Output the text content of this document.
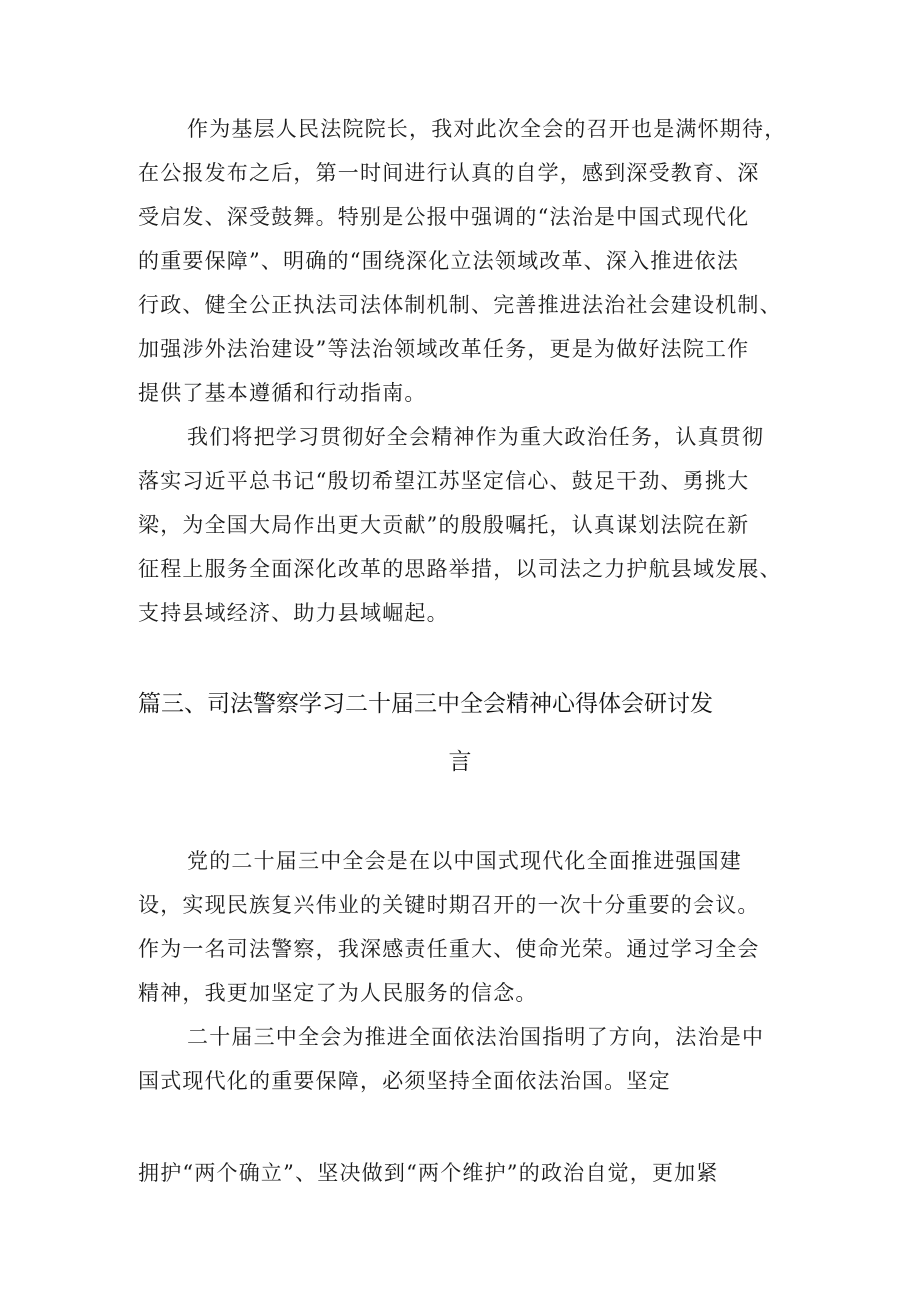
作为基层人民法院院长，我对此次全会的召开也是满怀期待，
在公报发布之后，第一时间进行认真的自学，感到深受教育、深
受启发、深受鼓舞。特别是公报中强调的“法治是中国式现代化
的重要保障”、明确的“围绕深化立法领域改革、深入推进依法
行政、健全公正执法司法体制机制、完善推进法治社会建设机制、
加强涉外法治建设”等法治领域改革任务，更是为做好法院工作
提供了基本遵循和行动指南。
我们将把学习贯彻好全会精神作为重大政治任务，认真贯彻
落实习近平总书记“殷切希望江苏坚定信心、鼓足干劲、勇挑大
梁，为全国大局作出更大贡献”的殷殷嘱托，认真谋划法院在新
征程上服务全面深化改革的思路举措，以司法之力护航县域发展、
支持县域经济、助力县域崛起。
篇三、司法警察学习二十届三中全会精神心得体会研讨发
言
党的二十届三中全会是在以中国式现代化全面推进强国建
设，实现民族复兴伟业的关键时期召开的一次十分重要的会议。
作为一名司法警察，我深感责任重大、使命光荣。通过学习全会
精神，我更加坚定了为人民服务的信念。
二十届三中全会为推进全面依法治国指明了方向，法治是中
国式现代化的重要保障，必须坚持全面依法治国。坚定
拥护“两个确立”、坚决做到“两个维护”的政治自觉，更加紧
